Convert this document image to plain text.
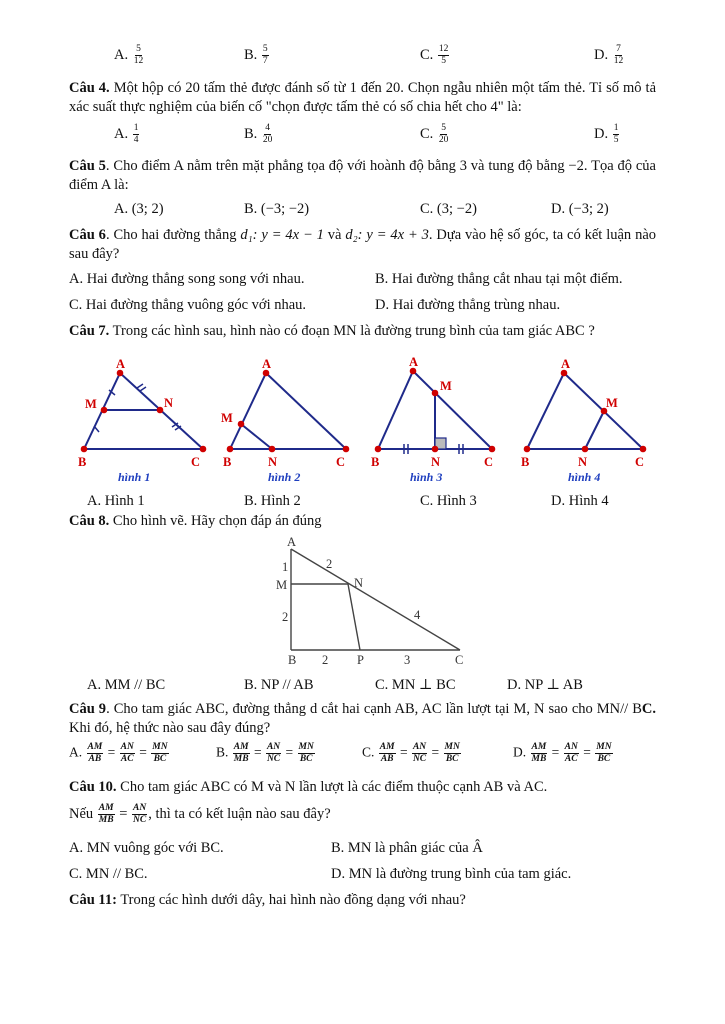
A. $\frac{5}{12}$	B. $\frac{5}{7}$	C. $\frac{12}{5}$	D. $\frac{7}{12}$
Câu 4. Một hộp có 20 tấm thẻ được đánh số từ 1 đến 20. Chọn ngẫu nhiên một tấm thẻ. Tỉ số mô tả xác suất thực nghiệm của biến cố "chọn được tấm thẻ có số chia hết cho 4" là:
A. $\frac{1}{4}$	B. $\frac{4}{20}$	C. $\frac{5}{20}$	D. $\frac{1}{5}$
Câu 5. Cho điểm A nằm trên mặt phẳng tọa độ với hoành độ bằng 3 và tung độ bằng −2. Tọa độ của điểm A là:
A. (3; 2)	B. (−3; −2)	C. (3; −2)	D. (−3; 2)
Câu 6. Cho hai đường thẳng d₁: y = 4x − 1 và d₂: y = 4x + 3. Dựa vào hệ số góc, ta có kết luận nào sau đây?
A. Hai đường thẳng song song với nhau.	B. Hai đường thẳng cắt nhau tại một điểm.
C. Hai đường thẳng vuông góc với nhau.	D. Hai đường thẳng trùng nhau.
Câu 7. Trong các hình sau, hình nào có đoạn MN là đường trung bình của tam giác ABC ?
A
M	N
B	C
hình 1
A
M
N
B	C
hình 2
A
M
N
B	C
hình 3
A
M
N
B	C
hình 4
A. Hình 1	B. Hình 2	C. Hình 3	D. Hình 4
Câu 8. Cho hình vẽ. Hãy chọn đáp án đúng
A
M	N
B	P	C
1
2
2
4
2	3
A. MM // BC	B. NP // AB	C. MN ⊥ BC	D. NP ⊥ AB
Câu 9. Cho tam giác ABC, đường thẳng d cắt hai cạnh AB, AC lần lượt tại M, N sao cho MN// BC. Khi đó, hệ thức nào sau đây đúng?
A. $\frac{AM}{AB} = \frac{AN}{AC} = \frac{MN}{BC}$	B. $\frac{AM}{MB} = \frac{AN}{NC} = \frac{MN}{BC}$	C. $\frac{AM}{AB} = \frac{AN}{NC} = \frac{MN}{BC}$	D. $\frac{AM}{MB} = \frac{AN}{AC} = \frac{MN}{BC}$
Câu 10. Cho tam giác ABC có M và N lần lượt là các điểm thuộc cạnh AB và AC.
Nếu $\frac{AM}{MB} = \frac{AN}{NC}$ , thì ta có kết luận nào sau đây?
A. MN vuông góc với BC.	B. MN là phân giác của Â
C. MN // BC.	D. MN là đường trung bình của tam giác.
Câu 11: Trong các hình dưới dây, hai hình nào đồng dạng với nhau?
